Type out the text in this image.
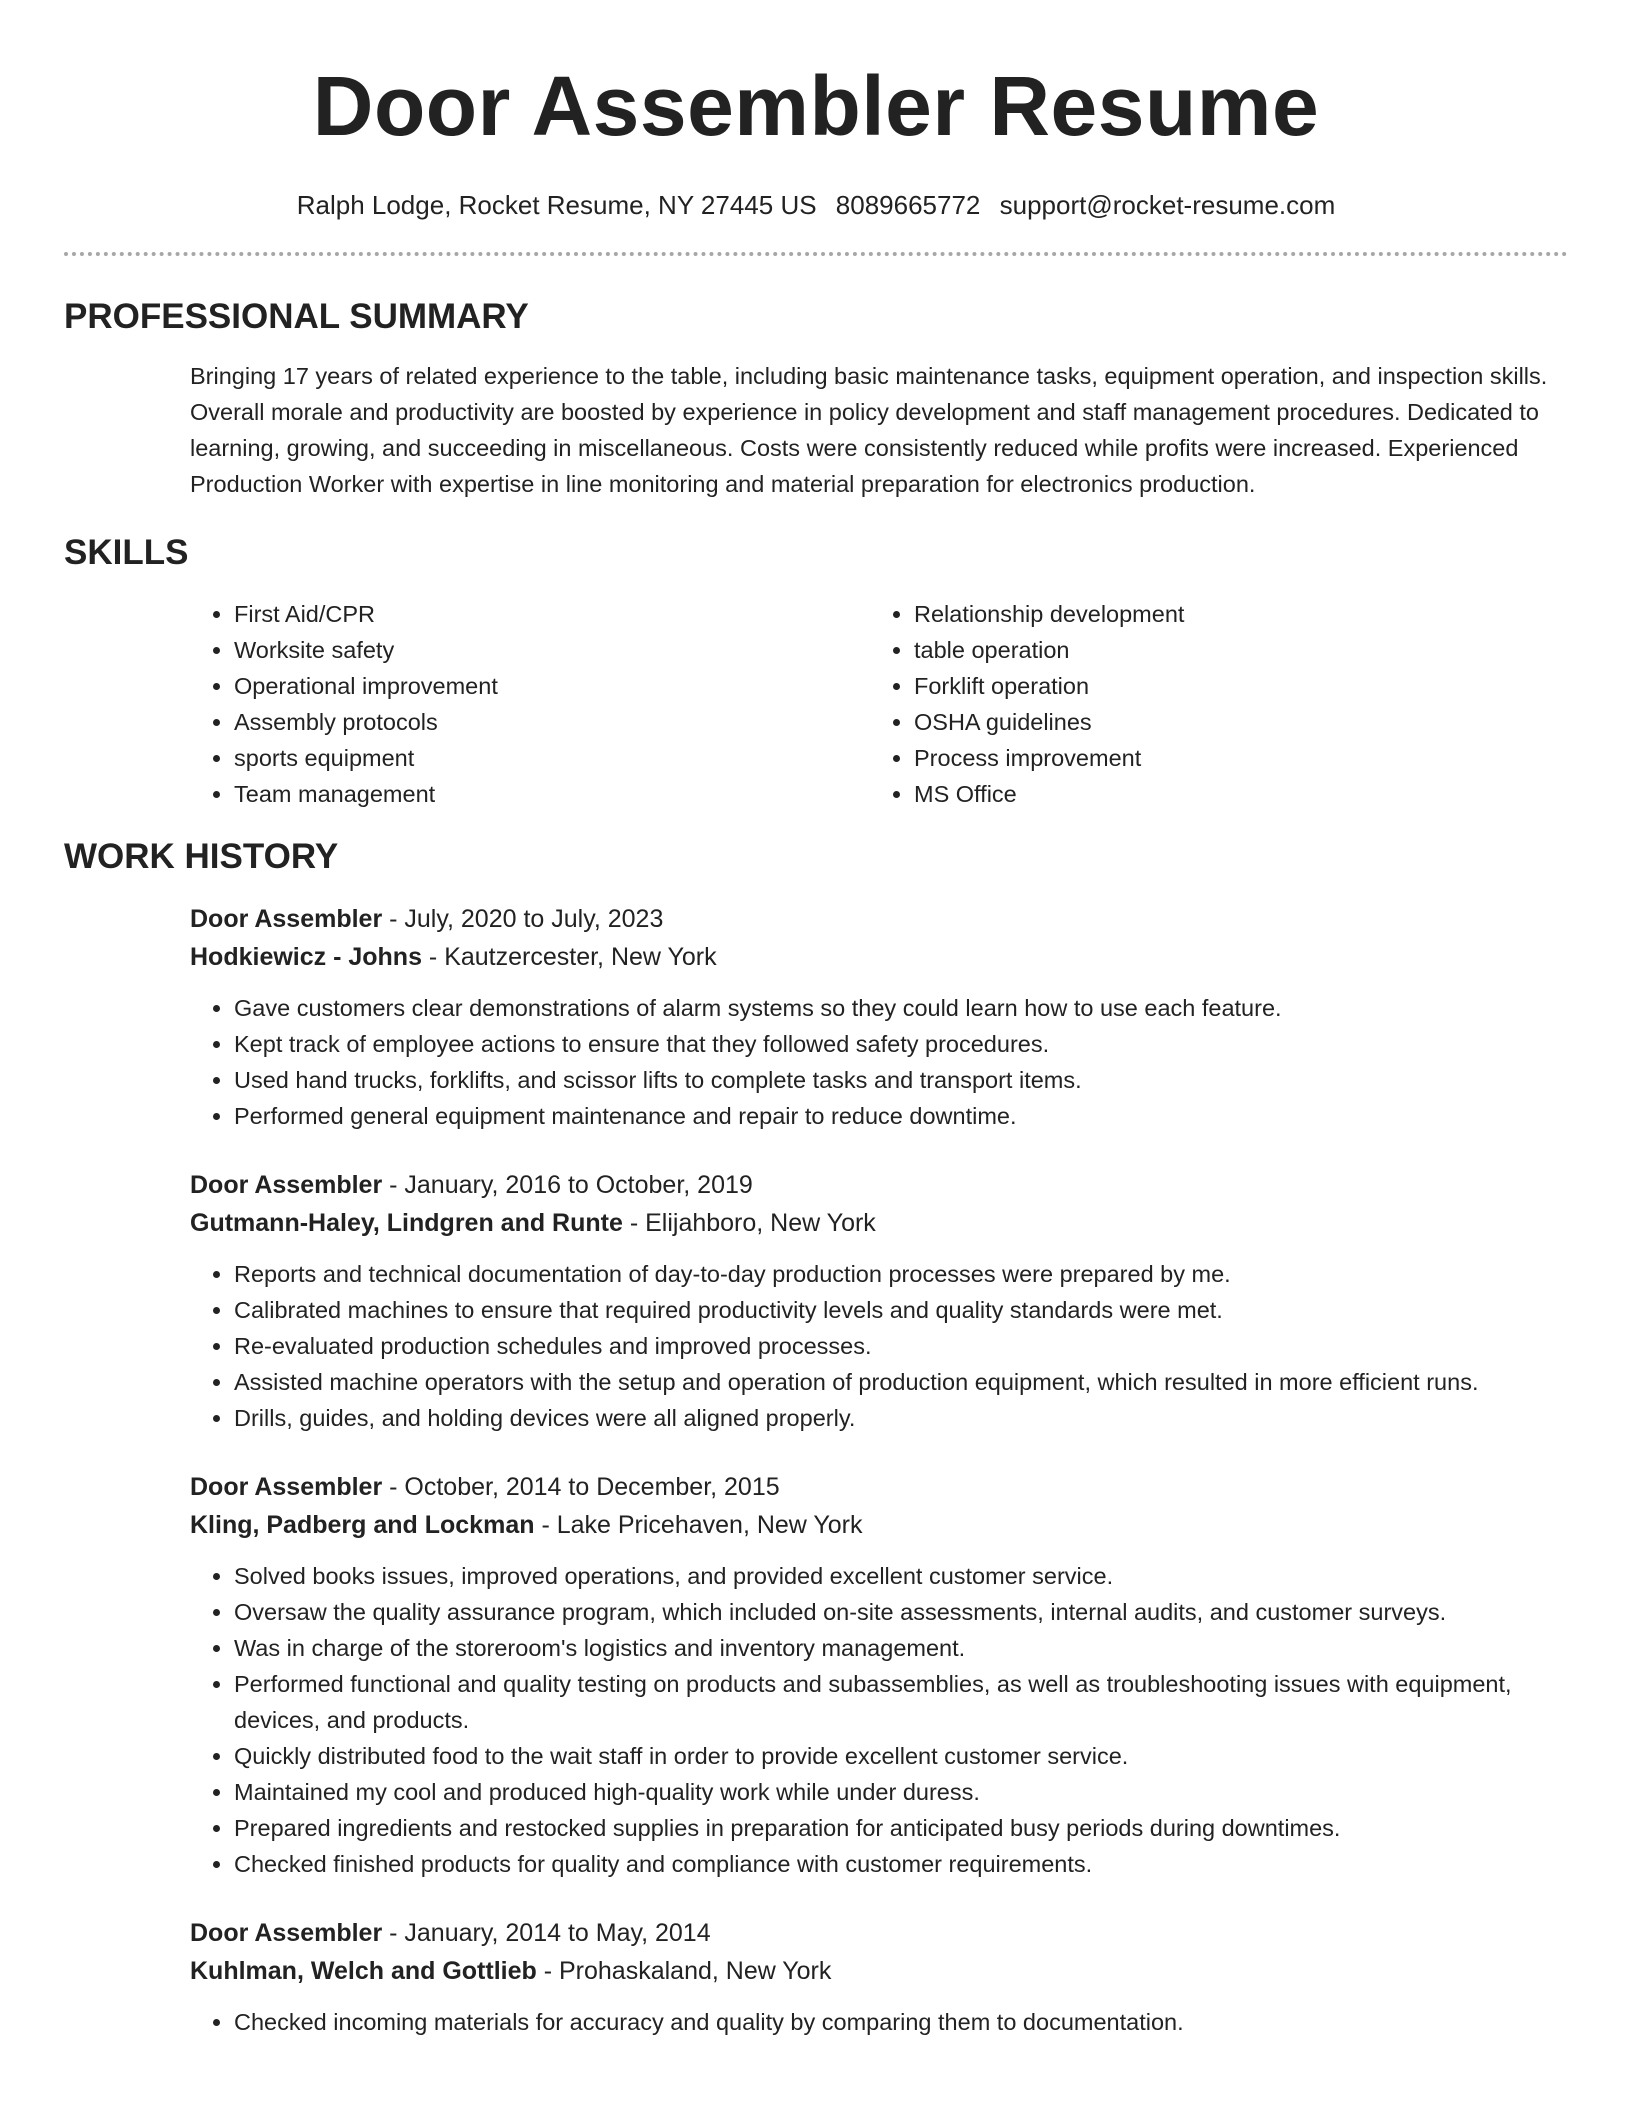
Door Assembler Resume
Ralph Lodge, Rocket Resume, NY 27445 US 8089665772 support@rocket-resume.com
PROFESSIONAL SUMMARY
Bringing 17 years of related experience to the table, including basic maintenance tasks, equipment operation, and inspection skills. Overall morale and productivity are boosted by experience in policy development and staff management procedures. Dedicated to learning, growing, and succeeding in miscellaneous. Costs were consistently reduced while profits were increased. Experienced Production Worker with expertise in line monitoring and material preparation for electronics production.
SKILLS
• First Aid/CPR
• Worksite safety
• Operational improvement
• Assembly protocols
• sports equipment
• Team management
• Relationship development
• table operation
• Forklift operation
• OSHA guidelines
• Process improvement
• MS Office
WORK HISTORY
Door Assembler - July, 2020 to July, 2023
Hodkiewicz - Johns - Kautzercester, New York
• Gave customers clear demonstrations of alarm systems so they could learn how to use each feature.
• Kept track of employee actions to ensure that they followed safety procedures.
• Used hand trucks, forklifts, and scissor lifts to complete tasks and transport items.
• Performed general equipment maintenance and repair to reduce downtime.
Door Assembler - January, 2016 to October, 2019
Gutmann-Haley, Lindgren and Runte - Elijahboro, New York
• Reports and technical documentation of day-to-day production processes were prepared by me.
• Calibrated machines to ensure that required productivity levels and quality standards were met.
• Re-evaluated production schedules and improved processes.
• Assisted machine operators with the setup and operation of production equipment, which resulted in more efficient runs.
• Drills, guides, and holding devices were all aligned properly.
Door Assembler - October, 2014 to December, 2015
Kling, Padberg and Lockman - Lake Pricehaven, New York
• Solved books issues, improved operations, and provided excellent customer service.
• Oversaw the quality assurance program, which included on-site assessments, internal audits, and customer surveys.
• Was in charge of the storeroom's logistics and inventory management.
• Performed functional and quality testing on products and subassemblies, as well as troubleshooting issues with equipment, devices, and products.
• Quickly distributed food to the wait staff in order to provide excellent customer service.
• Maintained my cool and produced high-quality work while under duress.
• Prepared ingredients and restocked supplies in preparation for anticipated busy periods during downtimes.
• Checked finished products for quality and compliance with customer requirements.
Door Assembler - January, 2014 to May, 2014
Kuhlman, Welch and Gottlieb - Prohaskaland, New York
• Checked incoming materials for accuracy and quality by comparing them to documentation.
